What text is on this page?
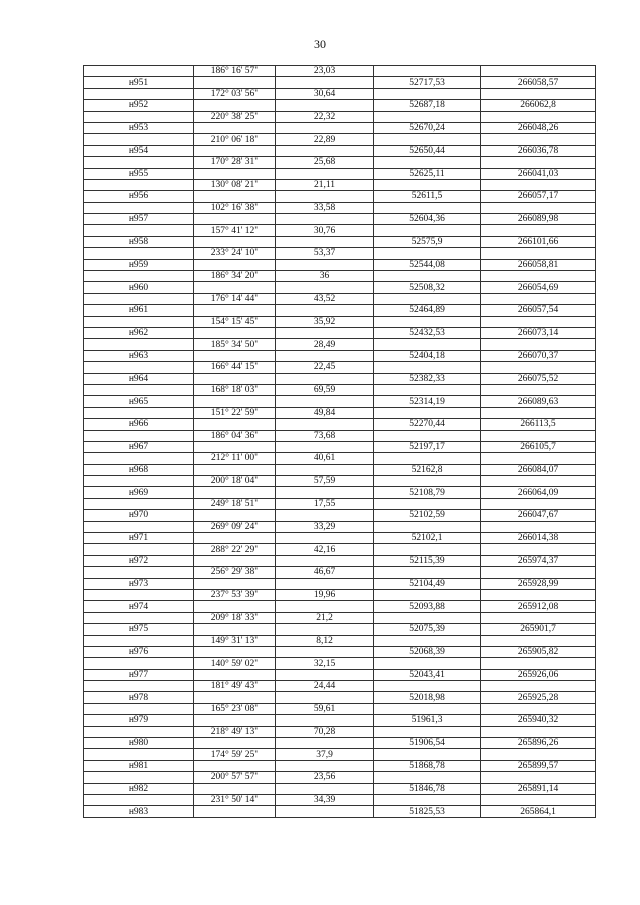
30
	186° 16' 57"	23,03		
н951			52717,53	266058,57
	172° 03' 56"	30,64		
н952			52687,18	266062,8
	220° 38' 25"	22,32		
н953			52670,24	266048,26
	210° 06' 18"	22,89		
н954			52650,44	266036,78
	170° 28' 31"	25,68		
н955			52625,11	266041,03
	130° 08' 21"	21,11		
н956			52611,5	266057,17
	102° 16' 38"	33,58		
н957			52604,36	266089,98
	157° 41' 12"	30,76		
н958			52575,9	266101,66
	233° 24' 10"	53,37		
н959			52544,08	266058,81
	186° 34' 20"	36		
н960			52508,32	266054,69
	176° 14' 44"	43,52		
н961			52464,89	266057,54
	154° 15' 45"	35,92		
н962			52432,53	266073,14
	185° 34' 50"	28,49		
н963			52404,18	266070,37
	166° 44' 15"	22,45		
н964			52382,33	266075,52
	168° 18' 03"	69,59		
н965			52314,19	266089,63
	151° 22' 59"	49,84		
н966			52270,44	266113,5
	186° 04' 36"	73,68		
н967			52197,17	266105,7
	212° 11' 00"	40,61		
н968			52162,8	266084,07
	200° 18' 04"	57,59		
н969			52108,79	266064,09
	249° 18' 51"	17,55		
н970			52102,59	266047,67
	269° 09' 24"	33,29		
н971			52102,1	266014,38
	288° 22' 29"	42,16		
н972			52115,39	265974,37
	256° 29' 38"	46,67		
н973			52104,49	265928,99
	237° 53' 39"	19,96		
н974			52093,88	265912,08
	209° 18' 33"	21,2		
н975			52075,39	265901,7
	149° 31' 13"	8,12		
н976			52068,39	265905,82
	140° 59' 02"	32,15		
н977			52043,41	265926,06
	181° 49' 43"	24,44		
н978			52018,98	265925,28
	165° 23' 08"	59,61		
н979			51961,3	265940,32
	218° 49' 13"	70,28		
н980			51906,54	265896,26
	174° 59' 25"	37,9		
н981			51868,78	265899,57
	200° 57' 57"	23,56		
н982			51846,78	265891,14
	231° 50' 14"	34,39		
н983			51825,53	265864,1
